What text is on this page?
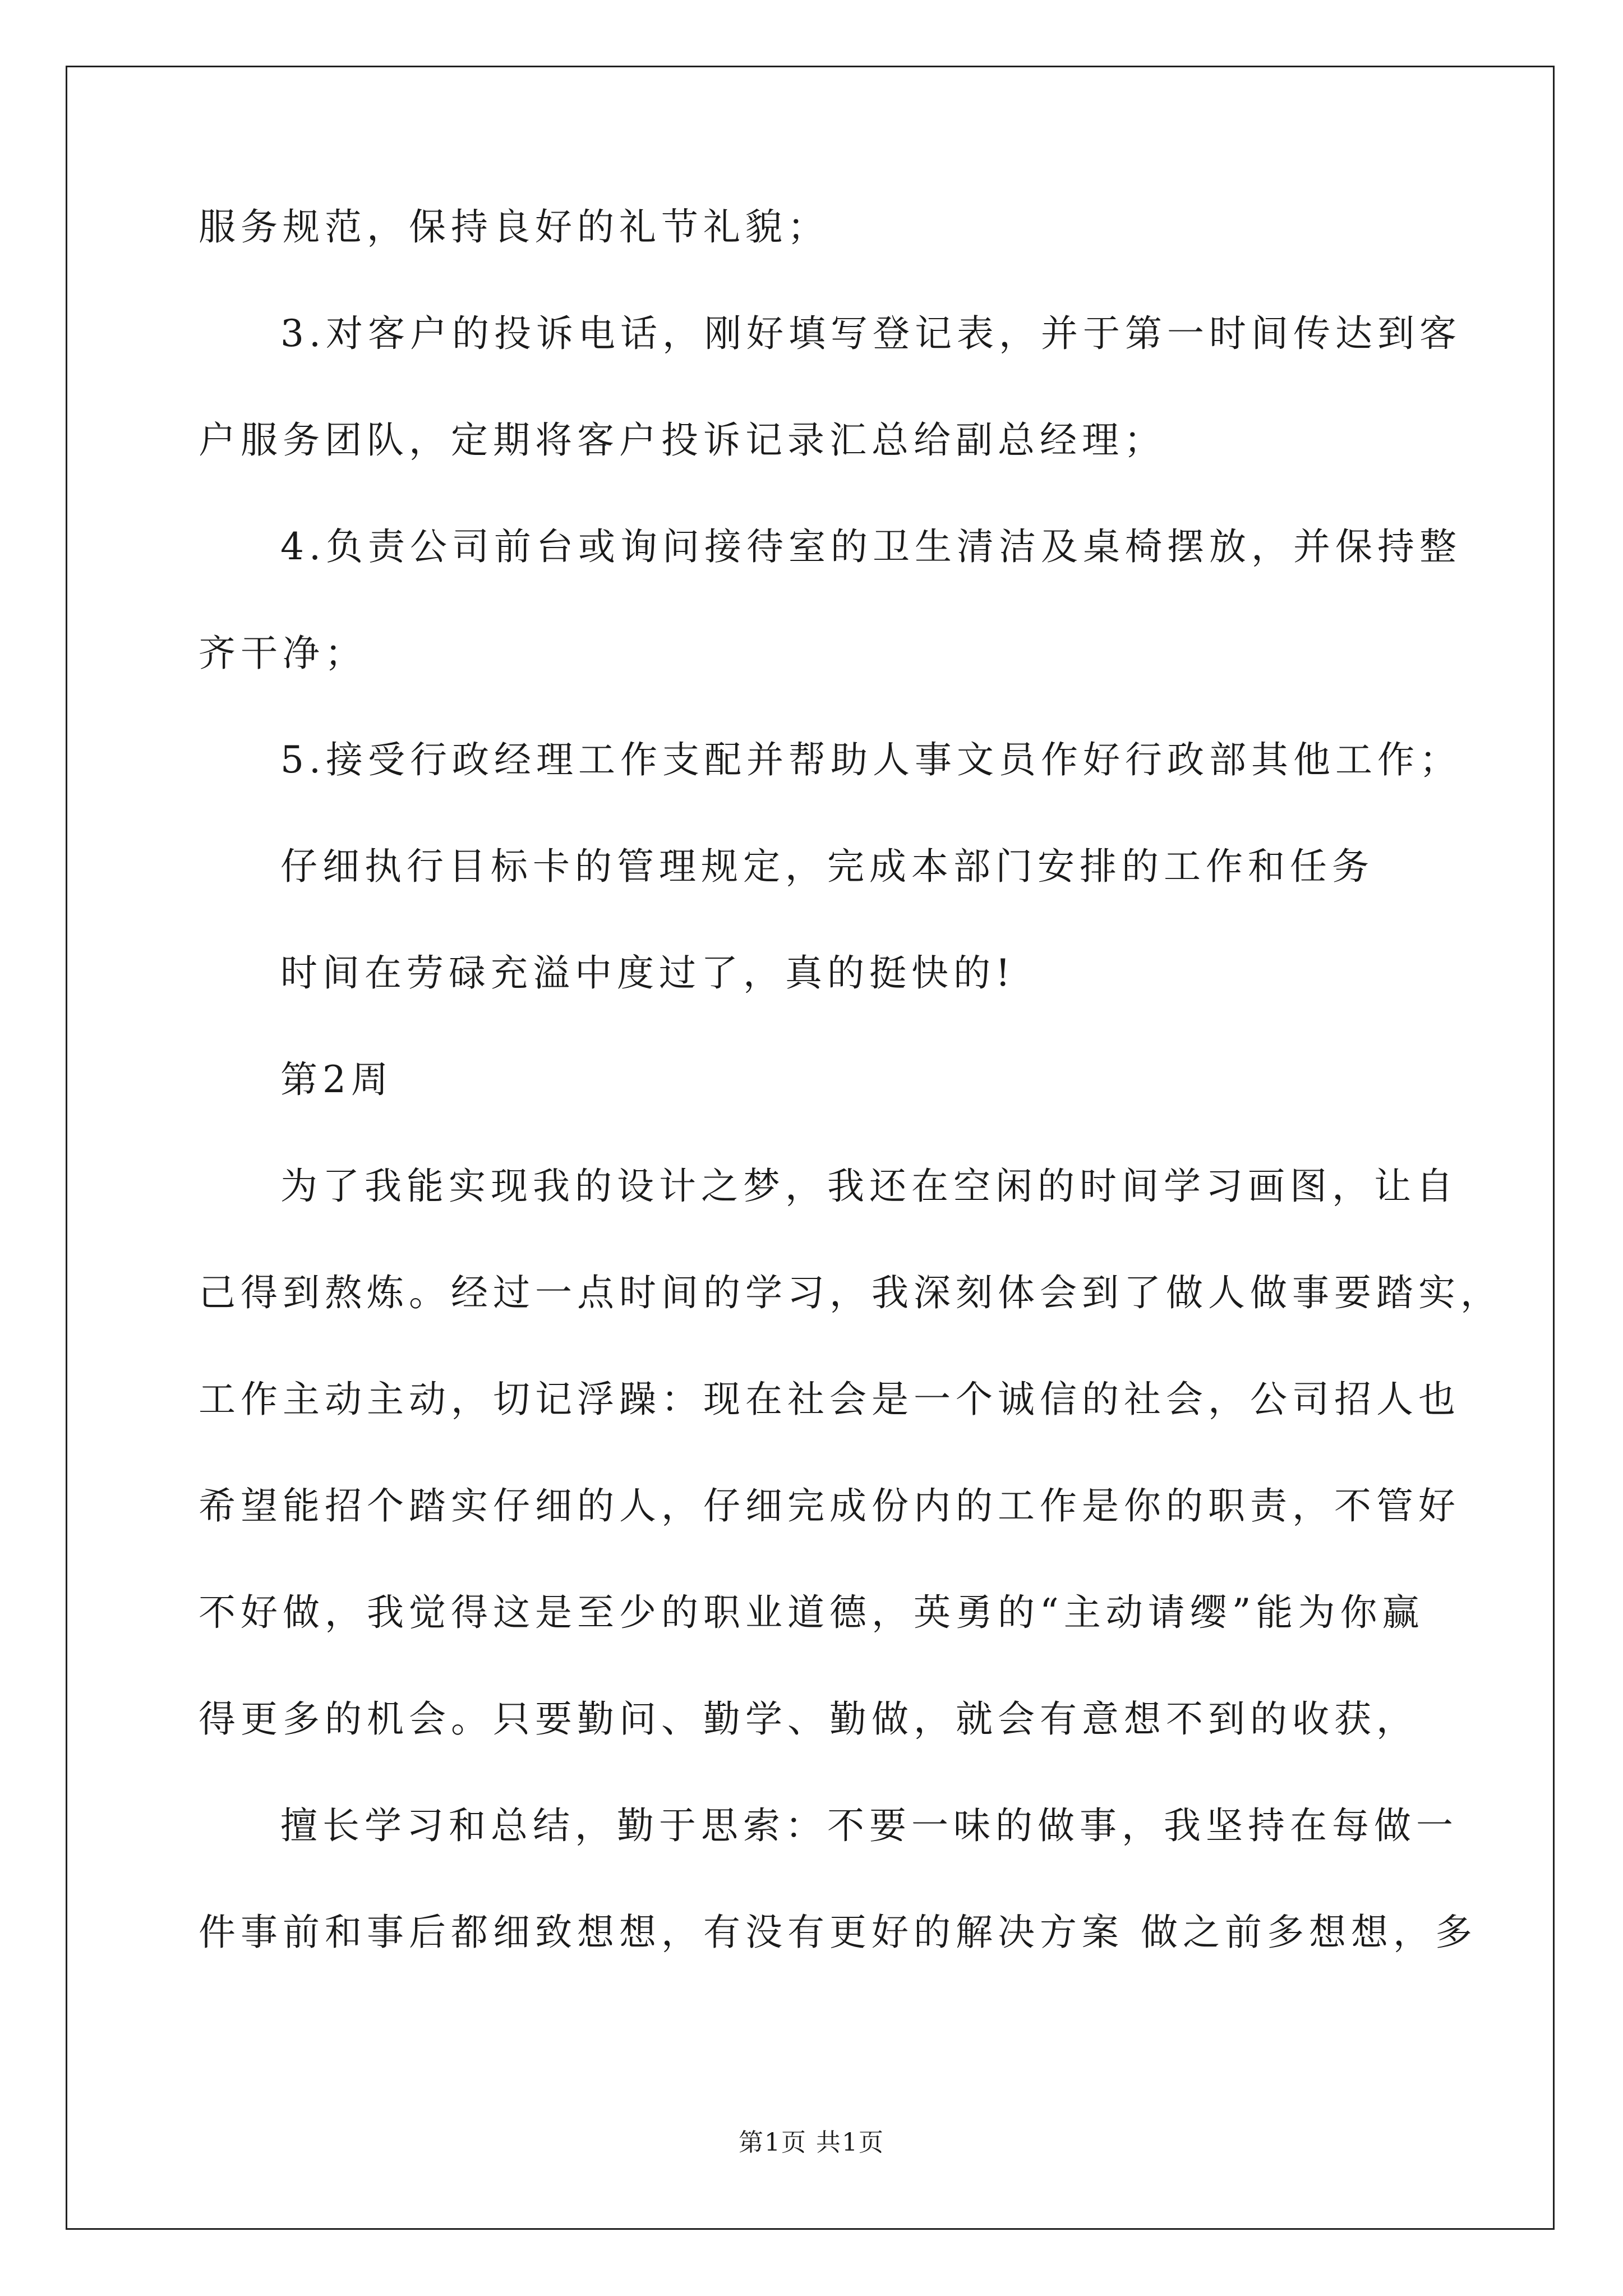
服务规范，保持良好的礼节礼貌；
3.对客户的投诉电话，刚好填写登记表，并于第一时间传达到客
户服务团队，定期将客户投诉记录汇总给副总经理；
4.负责公司前台或询问接待室的卫生清洁及桌椅摆放，并保持整
齐干净；
5.接受行政经理工作支配并帮助人事文员作好行政部其他工作；
仔细执行目标卡的管理规定，完成本部门安排的工作和任务
时间在劳碌充溢中度过了，真的挺快的!
第2周
为了我能实现我的设计之梦，我还在空闲的时间学习画图，让自
己得到熬炼。经过一点时间的学习，我深刻体会到了做人做事要踏实，
工作主动主动，切记浮躁：现在社会是一个诚信的社会，公司招人也
希望能招个踏实仔细的人，仔细完成份内的工作是你的职责，不管好
不好做，我觉得这是至少的职业道德，英勇的“主动请缨”能为你赢
得更多的机会。只要勤问、勤学、勤做，就会有意想不到的收获，
擅长学习和总结，勤于思索：不要一味的做事，我坚持在每做一
件事前和事后都细致想想，有没有更好的解决方案 做之前多想想，多
第1页 共1页
